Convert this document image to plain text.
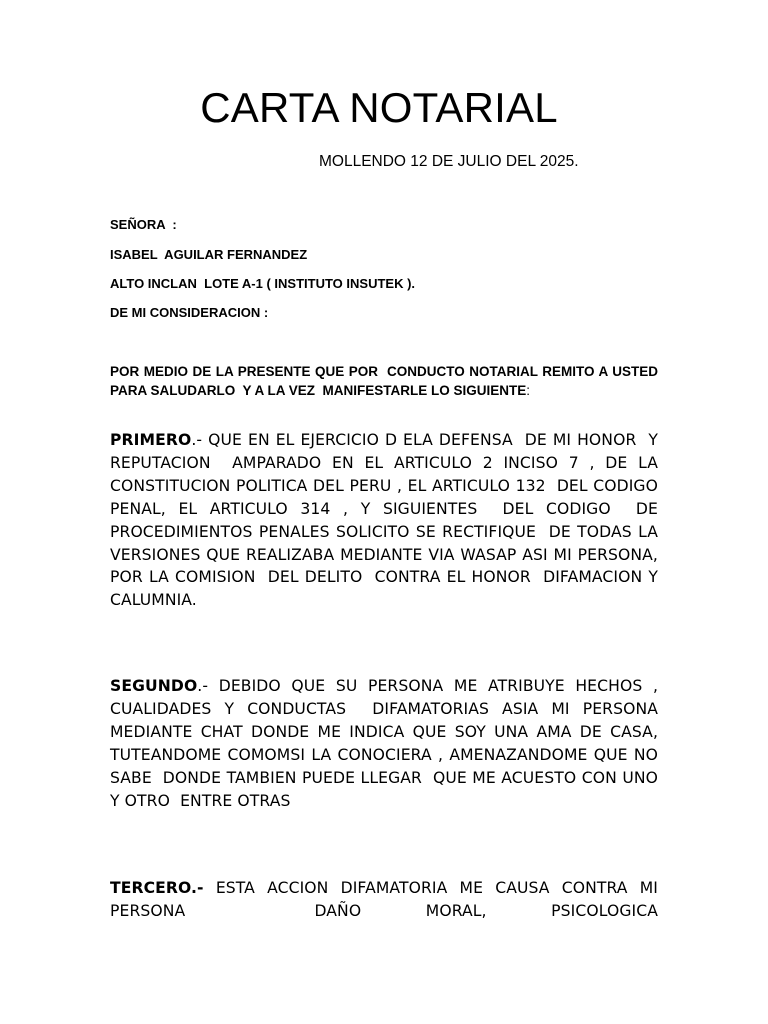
CARTA NOTARIAL

MOLLENDO 12 DE JULIO DEL 2025.

SEÑORA  :

ISABEL  AGUILAR FERNANDEZ

ALTO INCLAN  LOTE A-1 ( INSTITUTO INSUTEK ).

DE MI CONSIDERACION :

POR MEDIO DE LA PRESENTE QUE POR  CONDUCTO NOTARIAL REMITO A USTED  PARA SALUDARLO  Y A LA VEZ  MANIFESTARLE LO SIGUIENTE:

PRIMERO.- QUE EN EL EJERCICIO D ELA DEFENSA  DE MI HONOR  Y REPUTACION  AMPARADO EN EL ARTICULO 2 INCISO 7 , DE LA CONSTITUCION POLITICA DEL PERU , EL ARTICULO 132  DEL CODIGO  PENAL, EL ARTICULO 314 , Y SIGUIENTES  DEL CODIGO  DE PROCEDIMIENTOS PENALES SOLICITO SE RECTIFIQUE  DE TODAS LA VERSIONES QUE REALIZABA MEDIANTE VIA WASAP ASI MI PERSONA, POR LA COMISION  DEL DELITO  CONTRA EL HONOR  DIFAMACION Y CALUMNIA.

SEGUNDO.- DEBIDO QUE SU PERSONA ME ATRIBUYE HECHOS , CUALIDADES Y CONDUCTAS  DIFAMATORIAS ASIA MI PERSONA  MEDIANTE CHAT DONDE ME INDICA QUE SOY UNA AMA DE CASA, TUTEANDOME COMOMSI LA CONOCIERA , AMENAZANDOME QUE NO SABE  DONDE TAMBIEN PUEDE LLEGAR  QUE ME ACUESTO CON UNO Y OTRO  ENTRE OTRAS

TERCERO.- ESTA ACCION DIFAMATORIA ME CAUSA CONTRA MI PERSONA  DAÑO MORAL, PSICOLOGICA
